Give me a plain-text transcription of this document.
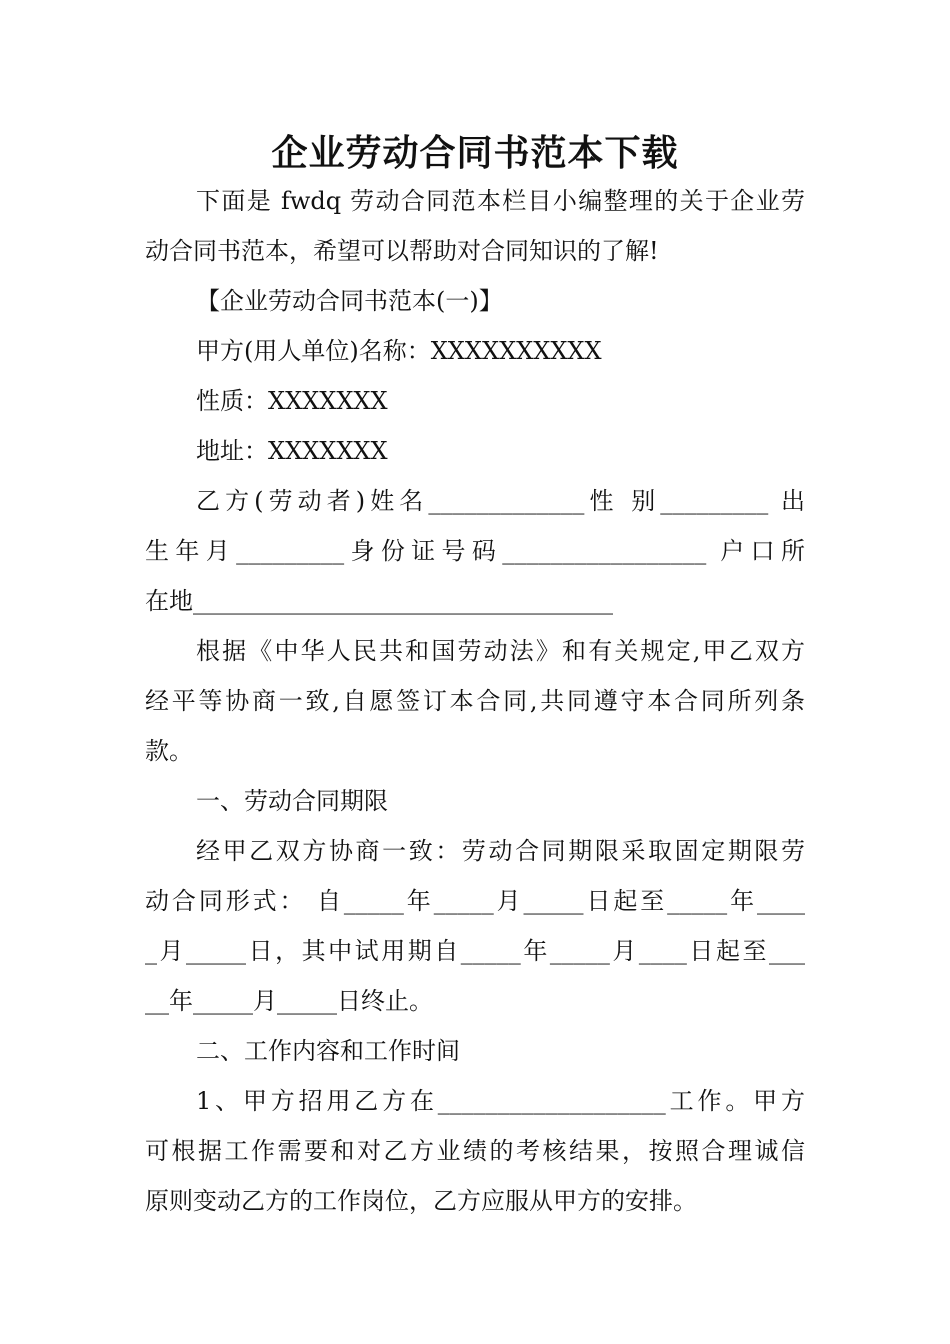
企业劳动合同书范本下载
下面是 fwdq 劳动合同范本栏目小编整理的关于企业劳
动合同书范本，希望可以帮助对合同知识的了解!
【企业劳动合同书范本(一)】
甲方(用人单位)名称：XXXXXXXXXX
性质：XXXXXXX
地址：XXXXXXX
乙方(劳动者)姓名_____________性 别_________ 出
生年月_________身份证号码_________________ 户口所
在地___________________________________
根据《中华人民共和国劳动法》和有关规定,甲乙双方
经平等协商一致,自愿签订本合同,共同遵守本合同所列条
款。
一、劳动合同期限
经甲乙双方协商一致：劳动合同期限采取固定期限劳
动合同形式： 自_____年_____月_____日起至_____年____
_月_____日，其中试用期自_____年_____月____日起至___
__年_____月_____日终止。
二、工作内容和工作时间
1、甲方招用乙方在___________________工作。甲方
可根据工作需要和对乙方业绩的考核结果，按照合理诚信
原则变动乙方的工作岗位，乙方应服从甲方的安排。
